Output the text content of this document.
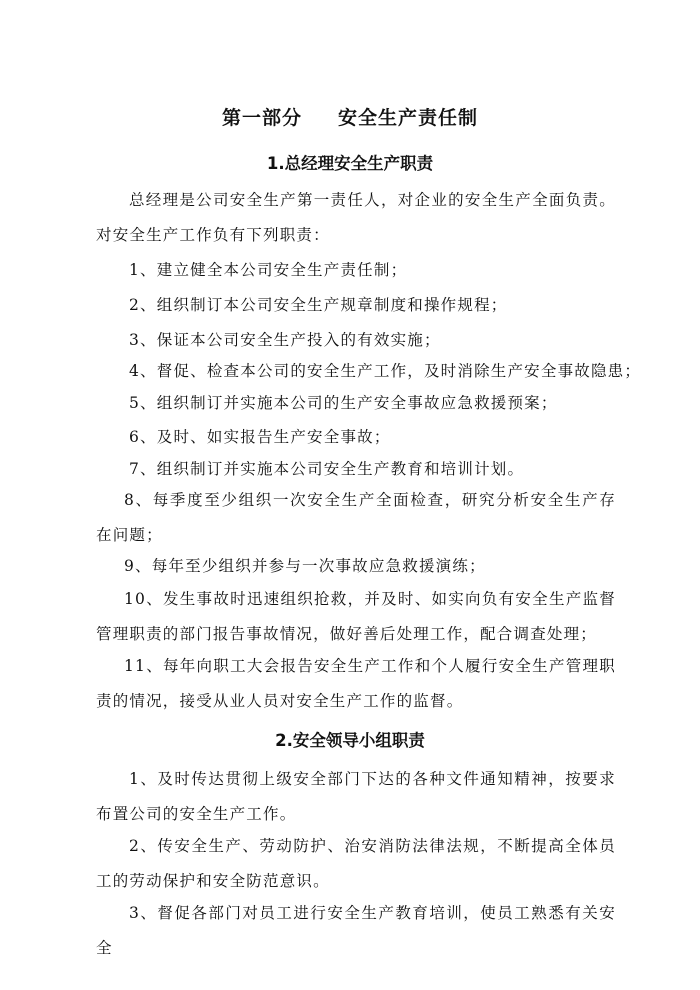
第一部分 安全生产责任制
1.总经理安全生产职责
总经理是公司安全生产第一责任人，对企业的安全生产全面负责。对安全生产工作负有下列职责：
1、建立健全本公司安全生产责任制；
2、组织制订本公司安全生产规章制度和操作规程；
3、保证本公司安全生产投入的有效实施；
4、督促、检查本公司的安全生产工作，及时消除生产安全事故隐患；
5、组织制订并实施本公司的生产安全事故应急救援预案；
6、及时、如实报告生产安全事故；
7、组织制订并实施本公司安全生产教育和培训计划。
8、每季度至少组织一次安全生产全面检查，研究分析安全生产存在问题；
9、每年至少组织并参与一次事故应急救援演练；
10、发生事故时迅速组织抢救，并及时、如实向负有安全生产监督管理职责的部门报告事故情况，做好善后处理工作，配合调查处理；
11、每年向职工大会报告安全生产工作和个人履行安全生产管理职责的情况，接受从业人员对安全生产工作的监督。
2.安全领导小组职责
1、及时传达贯彻上级安全部门下达的各种文件通知精神，按要求布置公司的安全生产工作。
2、传安全生产、劳动防护、治安消防法律法规，不断提高全体员工的劳动保护和安全防范意识。
3、督促各部门对员工进行安全生产教育培训，使员工熟悉有关安全
